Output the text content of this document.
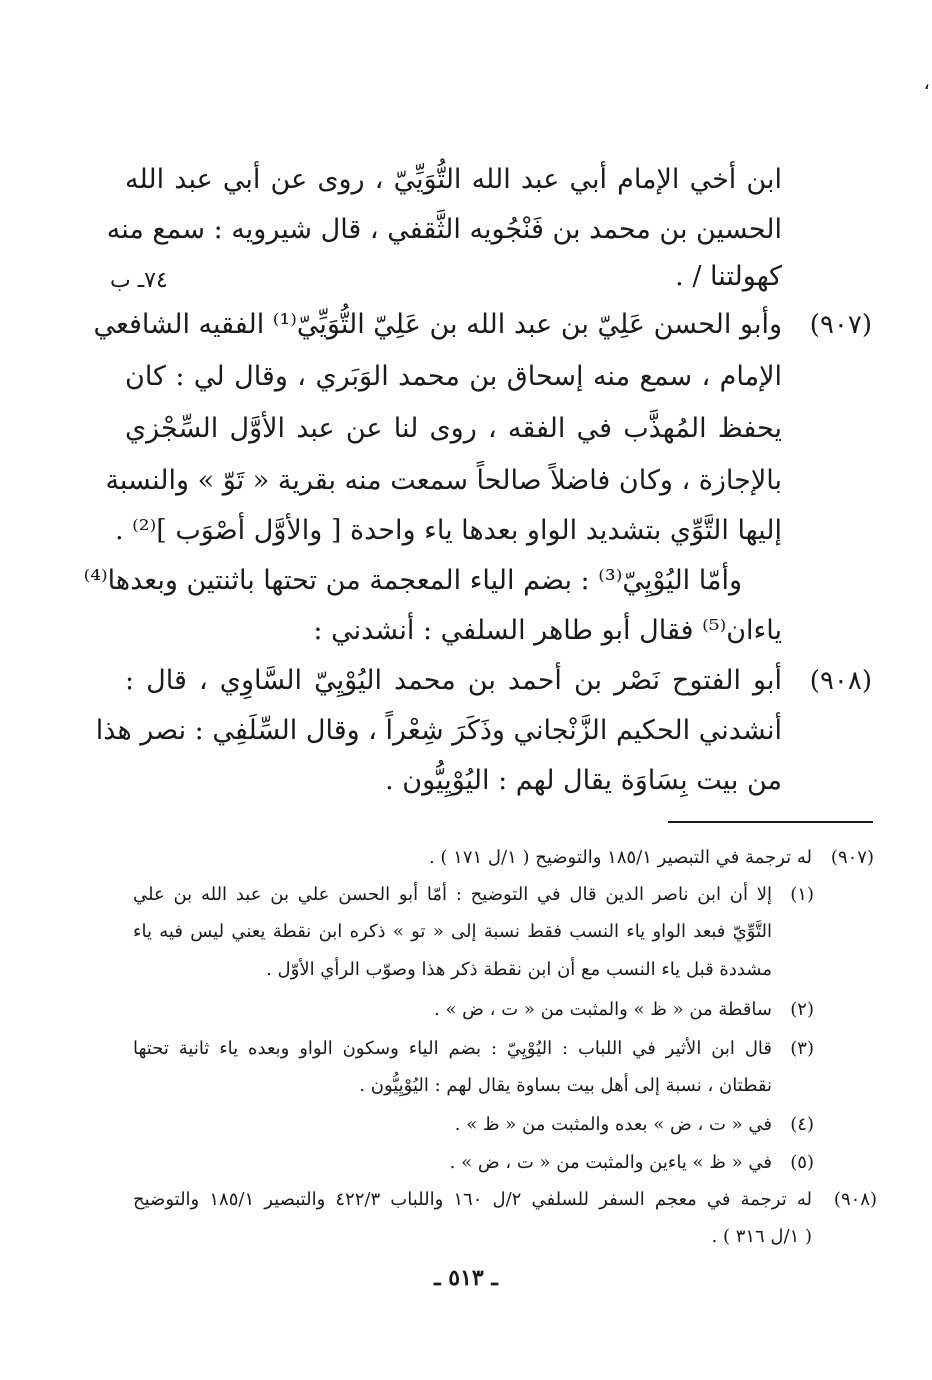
،
ابن أخي الإمام أبي عبد الله التُّوَيِّيّ ، روى عن أبي عبد الله
الحسين بن محمد بن فَنْجُويه الثَّقفي ، قال شيرويه : سمع منه
كهولتنا / .
٧٤ـ ب
(٩٠٧)
وأبو الحسن عَلِيّ بن عبد الله بن عَلِيّ التُّوَيِّيّ⁽¹⁾ الفقيه الشافعي
الإمام ، سمع منه إسحاق بن محمد الوَبَري ، وقال لي : كان
يحفظ المُهذَّب في الفقه ، روى لنا عن عبد الأوَّل السِّجْزي
بالإجازة ، وكان فاضلاً صالحاً سمعت منه بقرية « تَوّ » والنسبة
إليها التَّوِّي بتشديد الواو بعدها ياء واحدة [ والأوَّل أصْوَب ]⁽²⁾ .
وأمّا اليُوْيِيّ⁽³⁾ : بضم الياء المعجمة من تحتها باثنتين وبعدها⁽⁴⁾
ياءان⁽⁵⁾ فقال أبو طاهر السلفي : أنشدني :
(٩٠٨)
أبو الفتوح نَصْر بن أحمد بن محمد اليُوْيِيّ السَّاوِي ، قال :
أنشدني الحكيم الزَّنْجاني وذَكَرَ شِعْراً ، وقال السِّلَفِي : نصر هذا
من بيت بِسَاوَة يقال لهم : اليُوْيِيُّون .
(٩٠٧)
له ترجمة في التبصير ١٨٥/١ والتوضيح ( ١/ل ١٧١ ) .
(١)
إلا أن ابن ناصر الدين قال في التوضيح : أمّا أبو الحسن علي بن عبد الله بن علي
التَّوِّيّ فبعد الواو ياء النسب فقط نسبة إلى « تو » ذكره ابن نقطة يعني ليس فيه ياء
مشددة قبل ياء النسب مع أن ابن نقطة ذكر هذا وصوّب الرأي الأوّل .
(٢)
ساقطة من « ظ » والمثبت من « ت ، ض » .
(٣)
قال ابن الأثير في اللباب : اليُوْيِيّ : بضم الياء وسكون الواو وبعده ياء ثانية تحتها
نقطتان ، نسبة إلى أهل بيت بساوة يقال لهم : اليُوْيِيُّون .
(٤)
في « ت ، ض » بعده والمثبت من « ظ » .
(٥)
في « ظ » ياءين والمثبت من « ت ، ض » .
(٩٠٨)
له ترجمة في معجم السفر للسلفي ٢/ل ١٦٠ واللباب ٤٢٢/٣ والتبصير ١٨٥/١ والتوضيح
( ١/ل ٣١٦ ) .
ـ ٥١٣ ـ
